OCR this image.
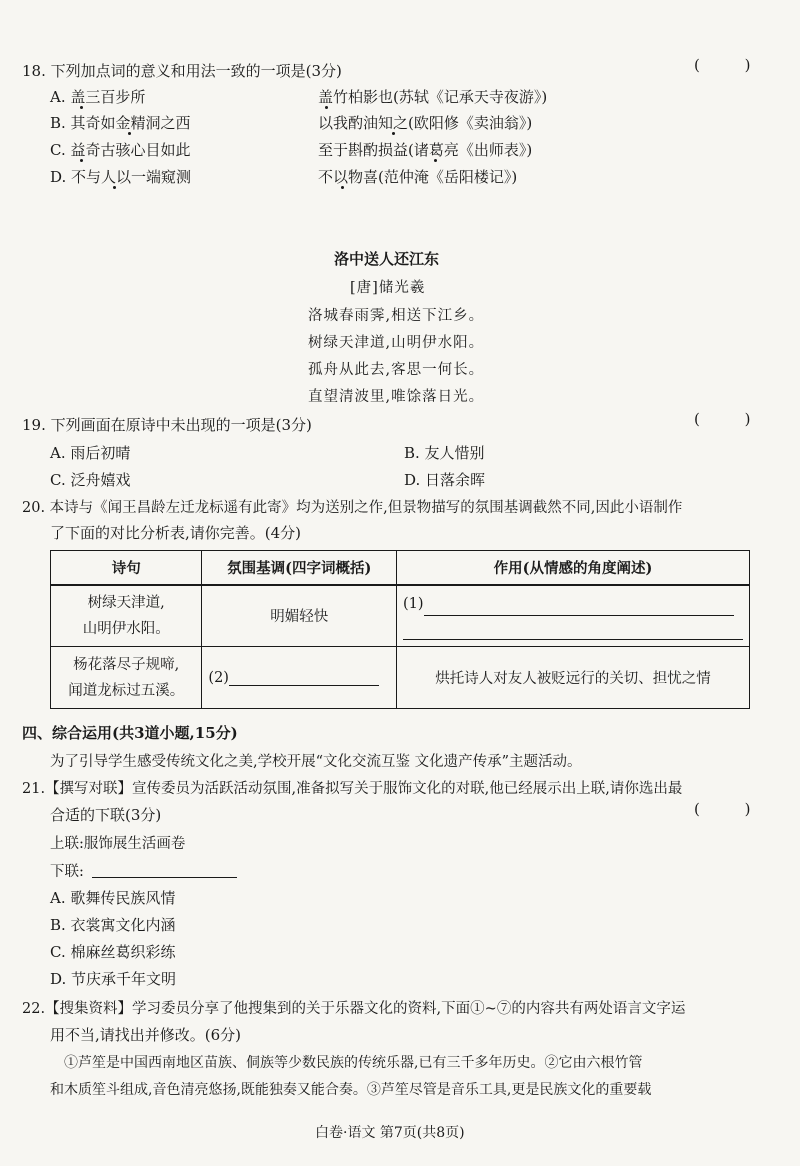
18. 下列加点词的意义和用法一致的一项是(3分)	( )
A. 盖三百步所	盖竹柏影也(苏轼《记承天寺夜游》)
B. 其奇如金精洞之西	以我酌油知之(欧阳修《卖油翁》)
C. 益奇古骇心目如此	至于斟酌损益(诸葛亮《出师表》)
D. 不与人以一端窥测	不以物喜(范仲淹《岳阳楼记》)
洛中送人还江东
[唐]储光羲
洛城春雨霁,相送下江乡。
树绿天津道,山明伊水阳。
孤舟从此去,客思一何长。
直望清波里,唯馀落日光。
19. 下列画面在原诗中未出现的一项是(3分)	( )
A. 雨后初晴	B. 友人惜别
C. 泛舟嬉戏	D. 日落余晖
20. 本诗与《闻王昌龄左迁龙标遥有此寄》均为送别之作,但景物描写的氛围基调截然不同,因此小语制作
了下面的对比分析表,请你完善。(4分)
诗句	氛围基调(四字词概括)	作用(从情感的角度阐述)

树绿天津道,
山明伊水阳。	明媚轻快	(1)

杨花落尽子规啼,
闻道龙标过五溪。	(2)	烘托诗人对友人被贬远行的关切、担忧之情
四、综合运用(共3道小题,15分)
为了引导学生感受传统文化之美,学校开展“文化交流互鉴 文化遗产传承”主题活动。
21.【撰写对联】宣传委员为活跃活动氛围,准备拟写关于服饰文化的对联,他已经展示出上联,请你选出最
合适的下联(3分)	( )
上联:服饰展生活画卷
下联:
A. 歌舞传民族风情
B. 衣裳寓文化内涵
C. 棉麻丝葛织彩练
D. 节庆承千年文明
22.【搜集资料】学习委员分享了他搜集到的关于乐器文化的资料,下面①~⑦的内容共有两处语言文字运
用不当,请找出并修改。(6分)
①芦笙是中国西南地区苗族、侗族等少数民族的传统乐器,已有三千多年历史。②它由六根竹管
和木质笙斗组成,音色清亮悠扬,既能独奏又能合奏。③芦笙尽管是音乐工具,更是民族文化的重要载
白卷·语文 第7页(共8页)
